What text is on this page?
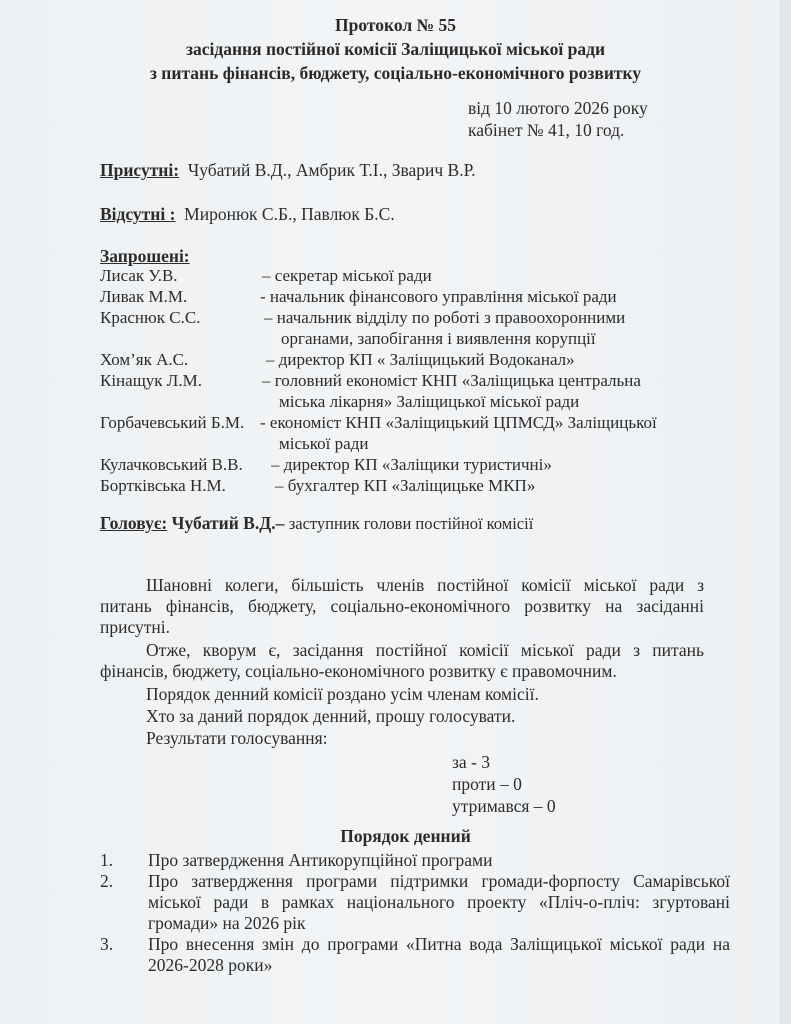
Протокол № 55
засідання постійної комісії Заліщицької міської ради
з питань фінансів, бюджету, соціально-економічного розвитку
від 10 лютого 2026 року
кабінет № 41, 10 год.
Присутні: Чубатий В.Д., Амбрик Т.І., Зварич В.Р.
Відсутні : Миронюк С.Б., Павлюк Б.С.
Запрошені:
Лисак У.В.	– секретар міської ради
Ливак М.М.	- начальник фінансового управління міської ради
Краснюк С.С.	– начальник відділу по роботі з правоохоронними
органами, запобігання і виявлення корупції
Хом’як А.С.	– директор КП « Заліщицький Водоканал»
Кінащук Л.М.	– головний економіст КНП «Заліщицька центральна
міська лікарня» Заліщицької міської ради
Горбачевський Б.М. - економіст КНП «Заліщицький ЦПМСД» Заліщицької
міської ради
Кулачковський В.В. – директор КП «Заліщики туристичні»
Бортківська Н.М.	– бухгалтер КП «Заліщицьке МКП»
Головує: Чубатий В.Д.– заступник голови постійної комісії
Шановні колеги, більшість членів постійної комісії міської ради з
питань фінансів, бюджету, соціально-економічного розвитку на засіданні
присутні.
Отже, кворум є, засідання постійної комісії міської ради з питань
фінансів, бюджету, соціально-економічного розвитку є правомочним.
Порядок денний комісії роздано усім членам комісії.
Хто за даний порядок денний, прошу голосувати.
Результати голосування:
за - 3
проти – 0
утримався – 0
Порядок денний
1. Про затвердження Антикорупційної програми
2. Про затвердження програми підтримки громади-форпосту Самарівської
міської ради в рамках національного проекту «Пліч-о-пліч: згуртовані
громади» на 2026 рік
3. Про внесення змін до програми «Питна вода Заліщицької міської ради на
2026-2028 роки»
